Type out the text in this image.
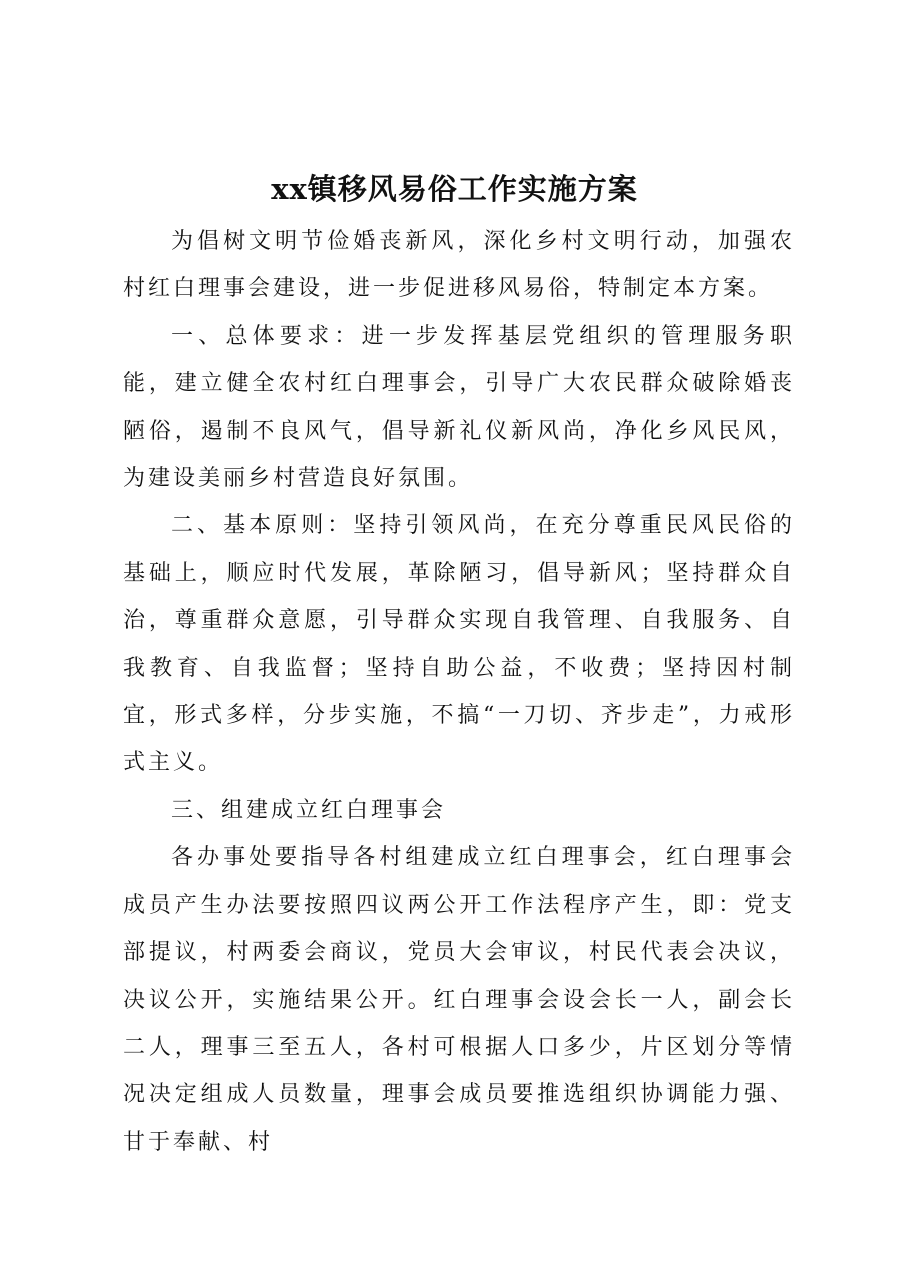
xx镇移风易俗工作实施方案

为倡树文明节俭婚丧新风，深化乡村文明行动，加强农村红白理事会建设，进一步促进移风易俗，特制定本方案。

一、总体要求：进一步发挥基层党组织的管理服务职能，建立健全农村红白理事会，引导广大农民群众破除婚丧陋俗，遏制不良风气，倡导新礼仪新风尚，净化乡风民风，为建设美丽乡村营造良好氛围。

二、基本原则：坚持引领风尚，在充分尊重民风民俗的基础上，顺应时代发展，革除陋习，倡导新风；坚持群众自治，尊重群众意愿，引导群众实现自我管理、自我服务、自我教育、自我监督；坚持自助公益，不收费；坚持因村制宜，形式多样，分步实施，不搞“一刀切、齐步走”，力戒形式主义。

三、组建成立红白理事会

各办事处要指导各村组建成立红白理事会，红白理事会成员产生办法要按照四议两公开工作法程序产生，即：党支部提议，村两委会商议，党员大会审议，村民代表会决议，决议公开，实施结果公开。红白理事会设会长一人，副会长二人，理事三至五人，各村可根据人口多少，片区划分等情况决定组成人员数量，理事会成员要推选组织协调能力强、甘于奉献、村
